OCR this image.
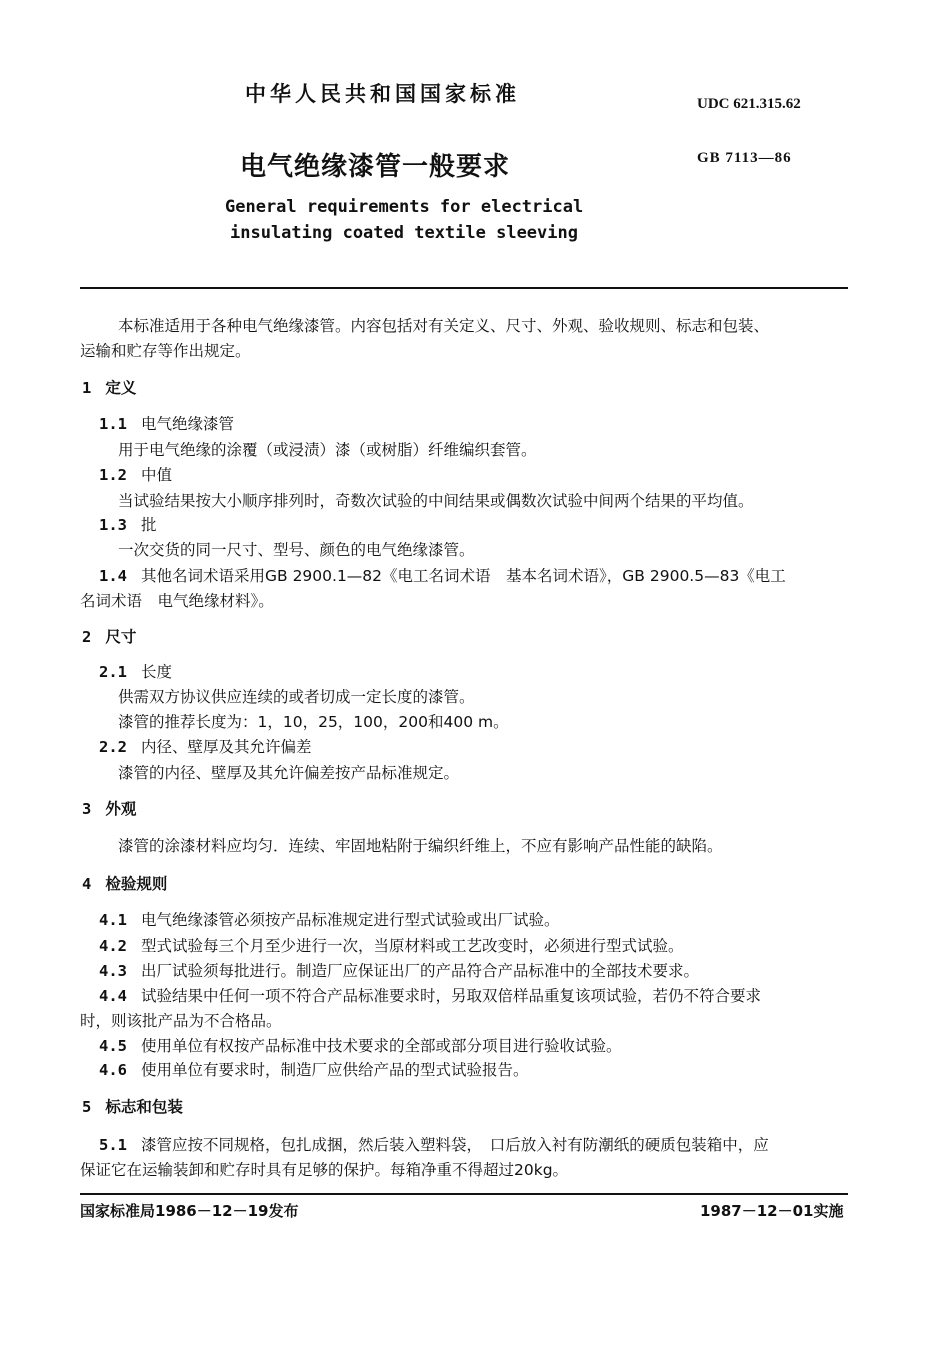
中华人民共和国国家标准	UDC 621.315.62
电气绝缘漆管一般要求	GB 7113—86
General requirements for electrical
insulating coated textile sleeving
本标准适用于各种电气绝缘漆管。内容包括对有关定义、尺寸、外观、验收规则、标志和包装、
运输和贮存等作出规定。
1 定义
1.1 电气绝缘漆管
用于电气绝缘的涂覆（或浸渍）漆（或树脂）纤维编织套管。
1.2 中值
当试验结果按大小顺序排列时，奇数次试验的中间结果或偶数次试验中间两个结果的平均值。
1.3 批
一次交货的同一尺寸、型号、颜色的电气绝缘漆管。
1.4 其他名词术语采用GB 2900.1—82《电工名词术语　基本名词术语》，GB 2900.5—83《电工
名词术语　电气绝缘材料》。
2 尺寸
2.1 长度
供需双方协议供应连续的或者切成一定长度的漆管。
漆管的推荐长度为：1，10，25，100，200和400 m。
2.2 内径、壁厚及其允许偏差
漆管的内径、壁厚及其允许偏差按产品标准规定。
3 外观
漆管的涂漆材料应均匀．连续、牢固地粘附于编织纤维上，不应有影响产品性能的缺陷。
4 检验规则
4.1 电气绝缘漆管必须按产品标准规定进行型式试验或出厂试验。
4.2 型式试验每三个月至少进行一次，当原材料或工艺改变时，必须进行型式试验。
4.3 出厂试验须每批进行。制造厂应保证出厂的产品符合产品标准中的全部技术要求。
4.4 试验结果中任何一项不符合产品标准要求时，另取双倍样品重复该项试验，若仍不符合要求
时，则该批产品为不合格品。
4.5 使用单位有权按产品标准中技术要求的全部或部分项目进行验收试验。
4.6 使用单位有要求时，制造厂应供给产品的型式试验报告。
5 标志和包装
5.1 漆管应按不同规格，包扎成捆，然后装入塑料袋，　口后放入衬有防潮纸的硬质包装箱中，应
保证它在运输装卸和贮存时具有足够的保护。每箱净重不得超过20kg。
国家标准局1986－12－19发布	1987－12－01实施
